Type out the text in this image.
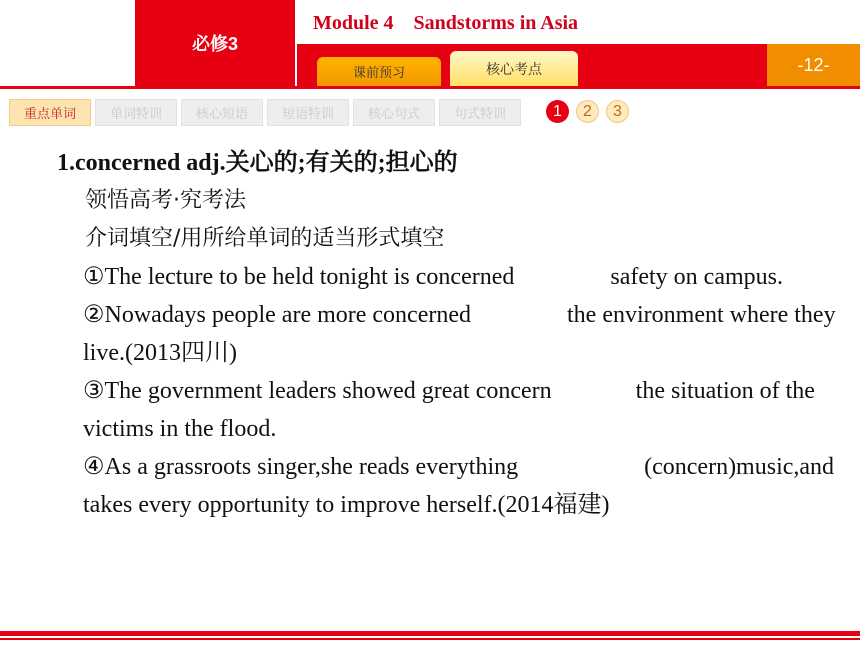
必修3
Module 4    Sandstorms in Asia
课前预习	核心考点	-12-
重点单词	单词特训	核心短语	短语特训	核心句式	句式特训	1	2	3

1.concerned adj.关心的;有关的;担心的

领悟高考·究考法

介词填空/用所给单词的适当形式填空

①The lecture to be held tonight is concerned	safety on campus.

②Nowadays people are more concerned	the environment where they live.(2013四川)

③The government leaders showed great concern	the situation of the victims in the flood.

④As a grassroots singer,she reads everything	(concern)music,and takes every opportunity to improve herself.(2014福建)
